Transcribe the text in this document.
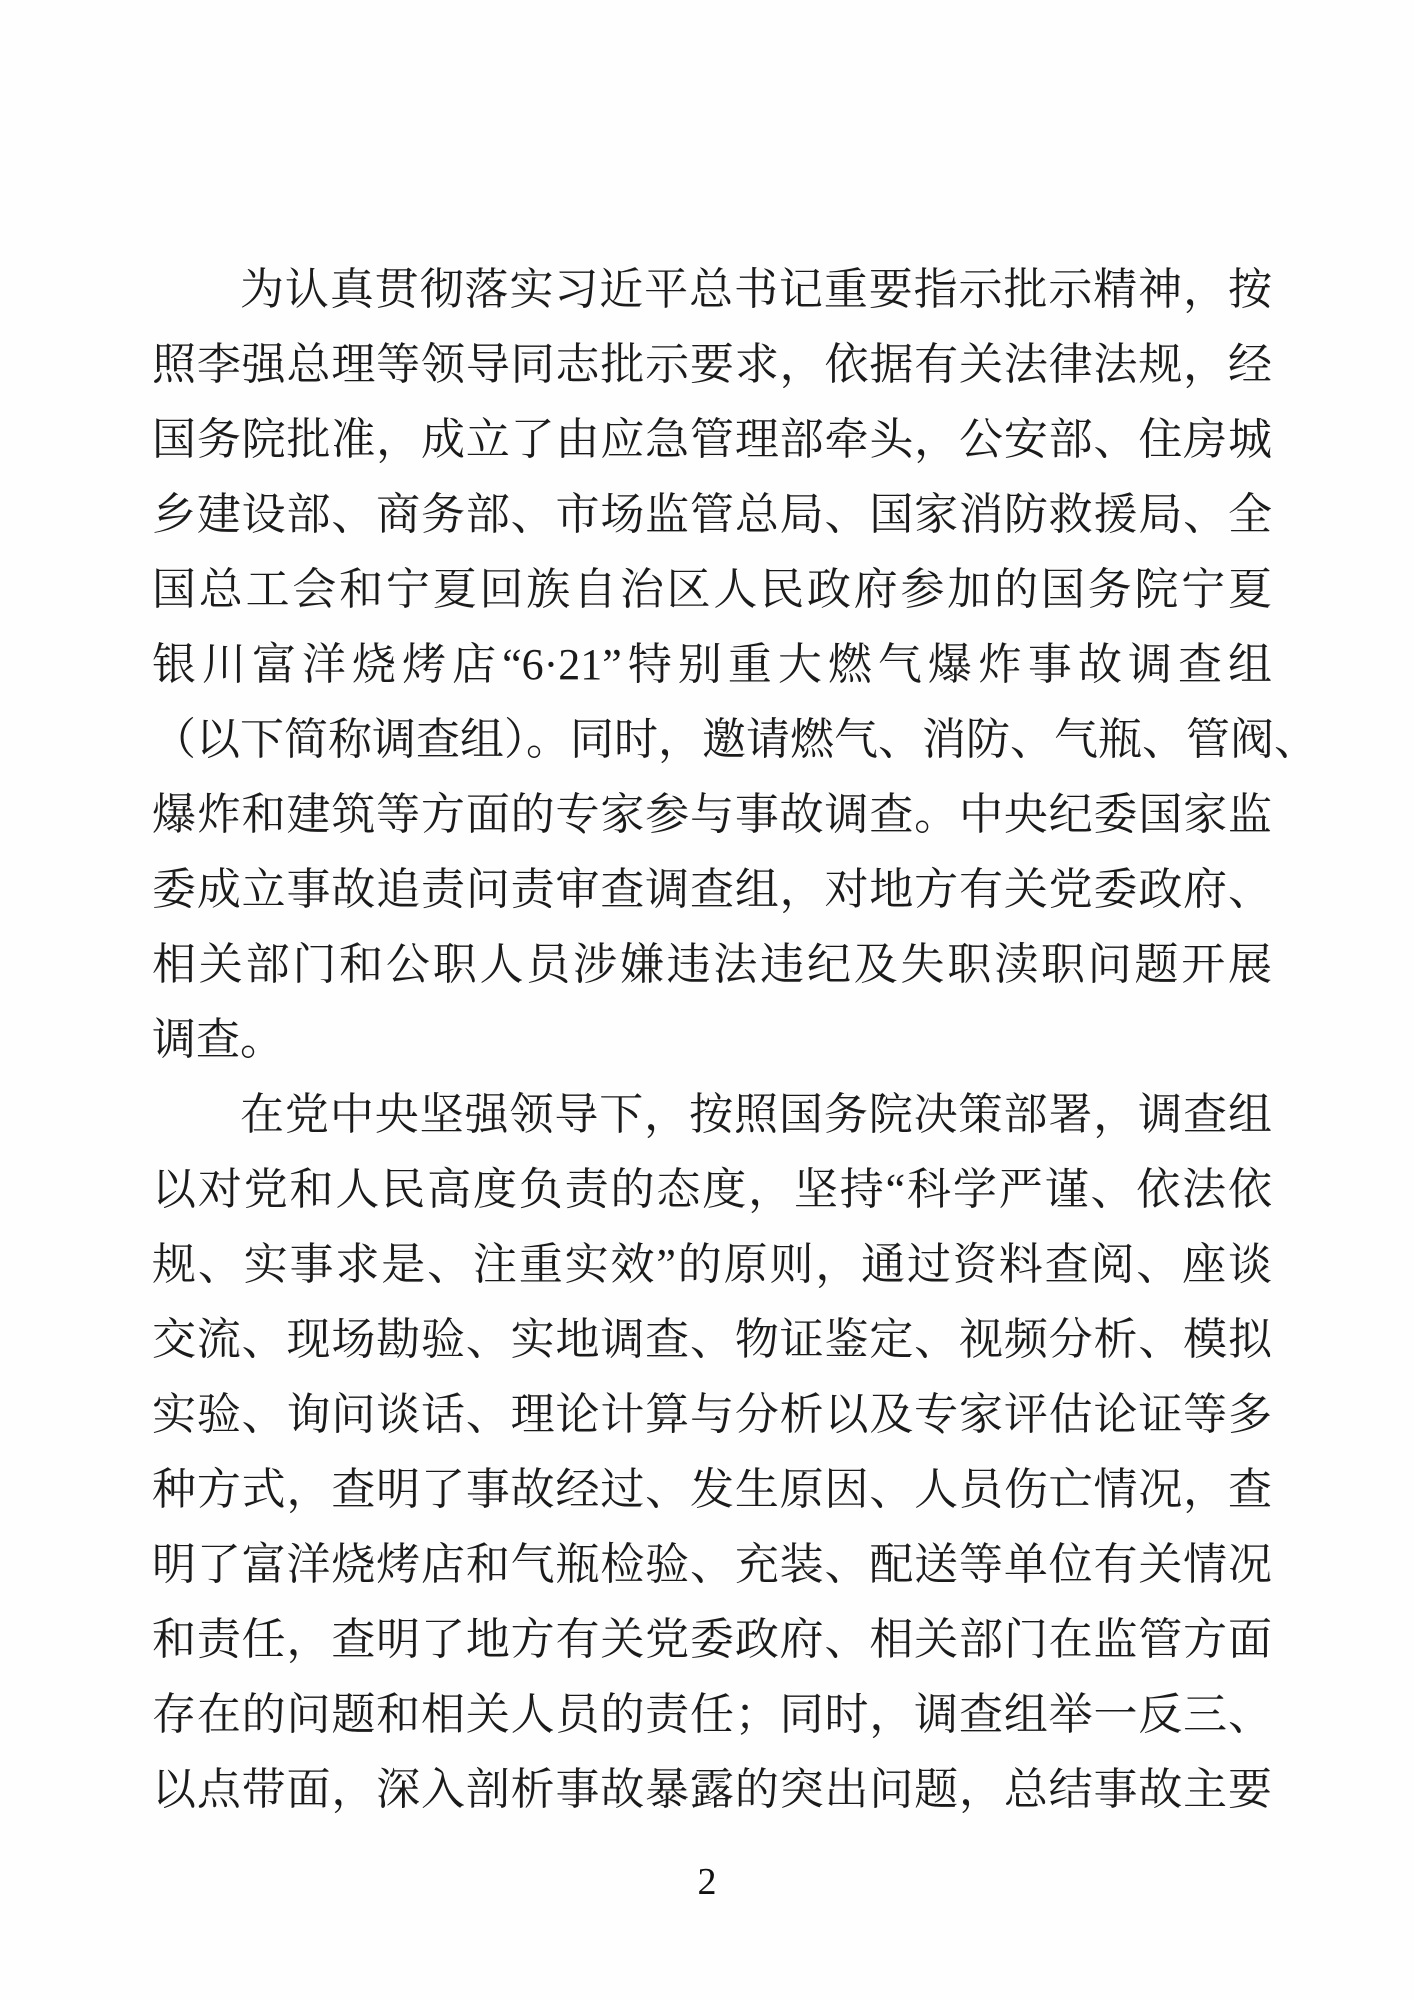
为认真贯彻落实习近平总书记重要指示批示精神，按

照李强总理等领导同志批示要求，依据有关法律法规，经

国务院批准，成立了由应急管理部牵头，公安部、住房城

乡建设部、商务部、市场监管总局、国家消防救援局、全

国总工会和宁夏回族自治区人民政府参加的国务院宁夏

银川富洋烧烤店“6·21”特别重大燃气爆炸事故调查组

（以下简称调查组）。同时，邀请燃气、消防、气瓶、管阀、

爆炸和建筑等方面的专家参与事故调查。中央纪委国家监

委成立事故追责问责审查调查组，对地方有关党委政府、

相关部门和公职人员涉嫌违法违纪及失职渎职问题开展

调查。

在党中央坚强领导下，按照国务院决策部署，调查组

以对党和人民高度负责的态度，坚持“科学严谨、依法依

规、实事求是、注重实效”的原则，通过资料查阅、座谈

交流、现场勘验、实地调查、物证鉴定、视频分析、模拟

实验、询问谈话、理论计算与分析以及专家评估论证等多

种方式，查明了事故经过、发生原因、人员伤亡情况，查

明了富洋烧烤店和气瓶检验、充装、配送等单位有关情况

和责任，查明了地方有关党委政府、相关部门在监管方面

存在的问题和相关人员的责任；同时，调查组举一反三、

以点带面，深入剖析事故暴露的突出问题，总结事故主要

2
